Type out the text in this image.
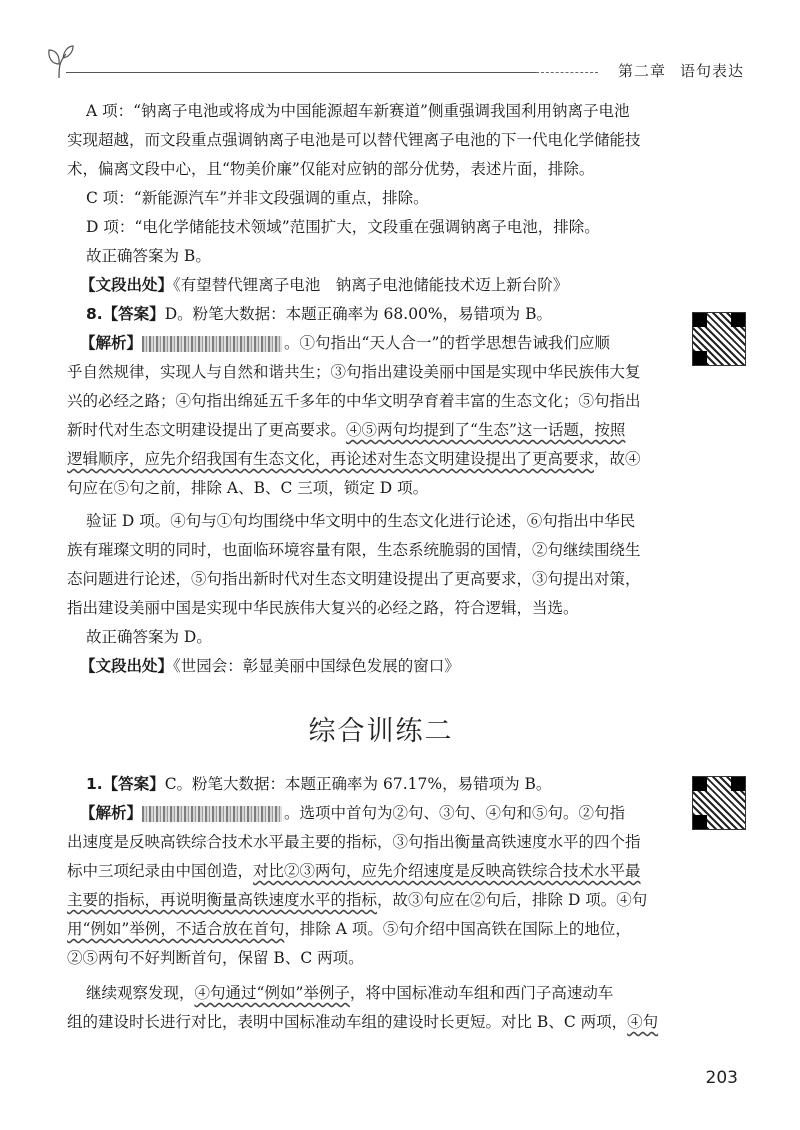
第二章 语句表达

A 项：“钠离子电池或将成为中国能源超车新赛道”侧重强调我国利用钠离子电池

实现超越，而文段重点强调钠离子电池是可以替代锂离子电池的下一代电化学储能技

术，偏离文段中心，且“物美价廉”仅能对应钠的部分优势，表述片面，排除。

C 项：“新能源汽车”并非文段强调的重点，排除。

D 项：“电化学储能技术领域”范围扩大，文段重在强调钠离子电池，排除。

故正确答案为 B。

【文段出处】《有望替代锂离子电池　钠离子电池储能技术迈上新台阶》

8.【答案】D。粉笔大数据：本题正确率为 68.00%，易错项为 B。

【解析】	。①句指出“天人合一”的哲学思想告诫我们应顺

乎自然规律，实现人与自然和谐共生；③句指出建设美丽中国是实现中华民族伟大复

兴的必经之路；④句指出绵延五千多年的中华文明孕育着丰富的生态文化；⑤句指出

新时代对生态文明建设提出了更高要求。④⑤两句均提到了“生态”这一话题，按照

逻辑顺序，应先介绍我国有生态文化，再论述对生态文明建设提出了更高要求，故④

句应在⑤句之前，排除 A、B、C 三项，锁定 D 项。

验证 D 项。④句与①句均围绕中华文明中的生态文化进行论述，⑥句指出中华民

族有璀璨文明的同时，也面临环境容量有限，生态系统脆弱的国情，②句继续围绕生

态问题进行论述，⑤句指出新时代对生态文明建设提出了更高要求，③句提出对策，

指出建设美丽中国是实现中华民族伟大复兴的必经之路，符合逻辑，当选。

故正确答案为 D。

【文段出处】《世园会：彰显美丽中国绿色发展的窗口》

综合训练二

1.【答案】C。粉笔大数据：本题正确率为 67.17%，易错项为 B。

【解析】	。选项中首句为②句、③句、④句和⑤句。②句指

出速度是反映高铁综合技术水平最主要的指标，③句指出衡量高铁速度水平的四个指

标中三项纪录由中国创造，对比②③两句，应先介绍速度是反映高铁综合技术水平最

主要的指标，再说明衡量高铁速度水平的指标，故③句应在②句后，排除 D 项。④句

用“例如”举例，不适合放在首句，排除 A 项。⑤句介绍中国高铁在国际上的地位，

②⑤两句不好判断首句，保留 B、C 两项。

继续观察发现，④句通过“例如”举例子，将中国标准动车组和西门子高速动车

组的建设时长进行对比，表明中国标准动车组的建设时长更短。对比 B、C 两项，④句

203
